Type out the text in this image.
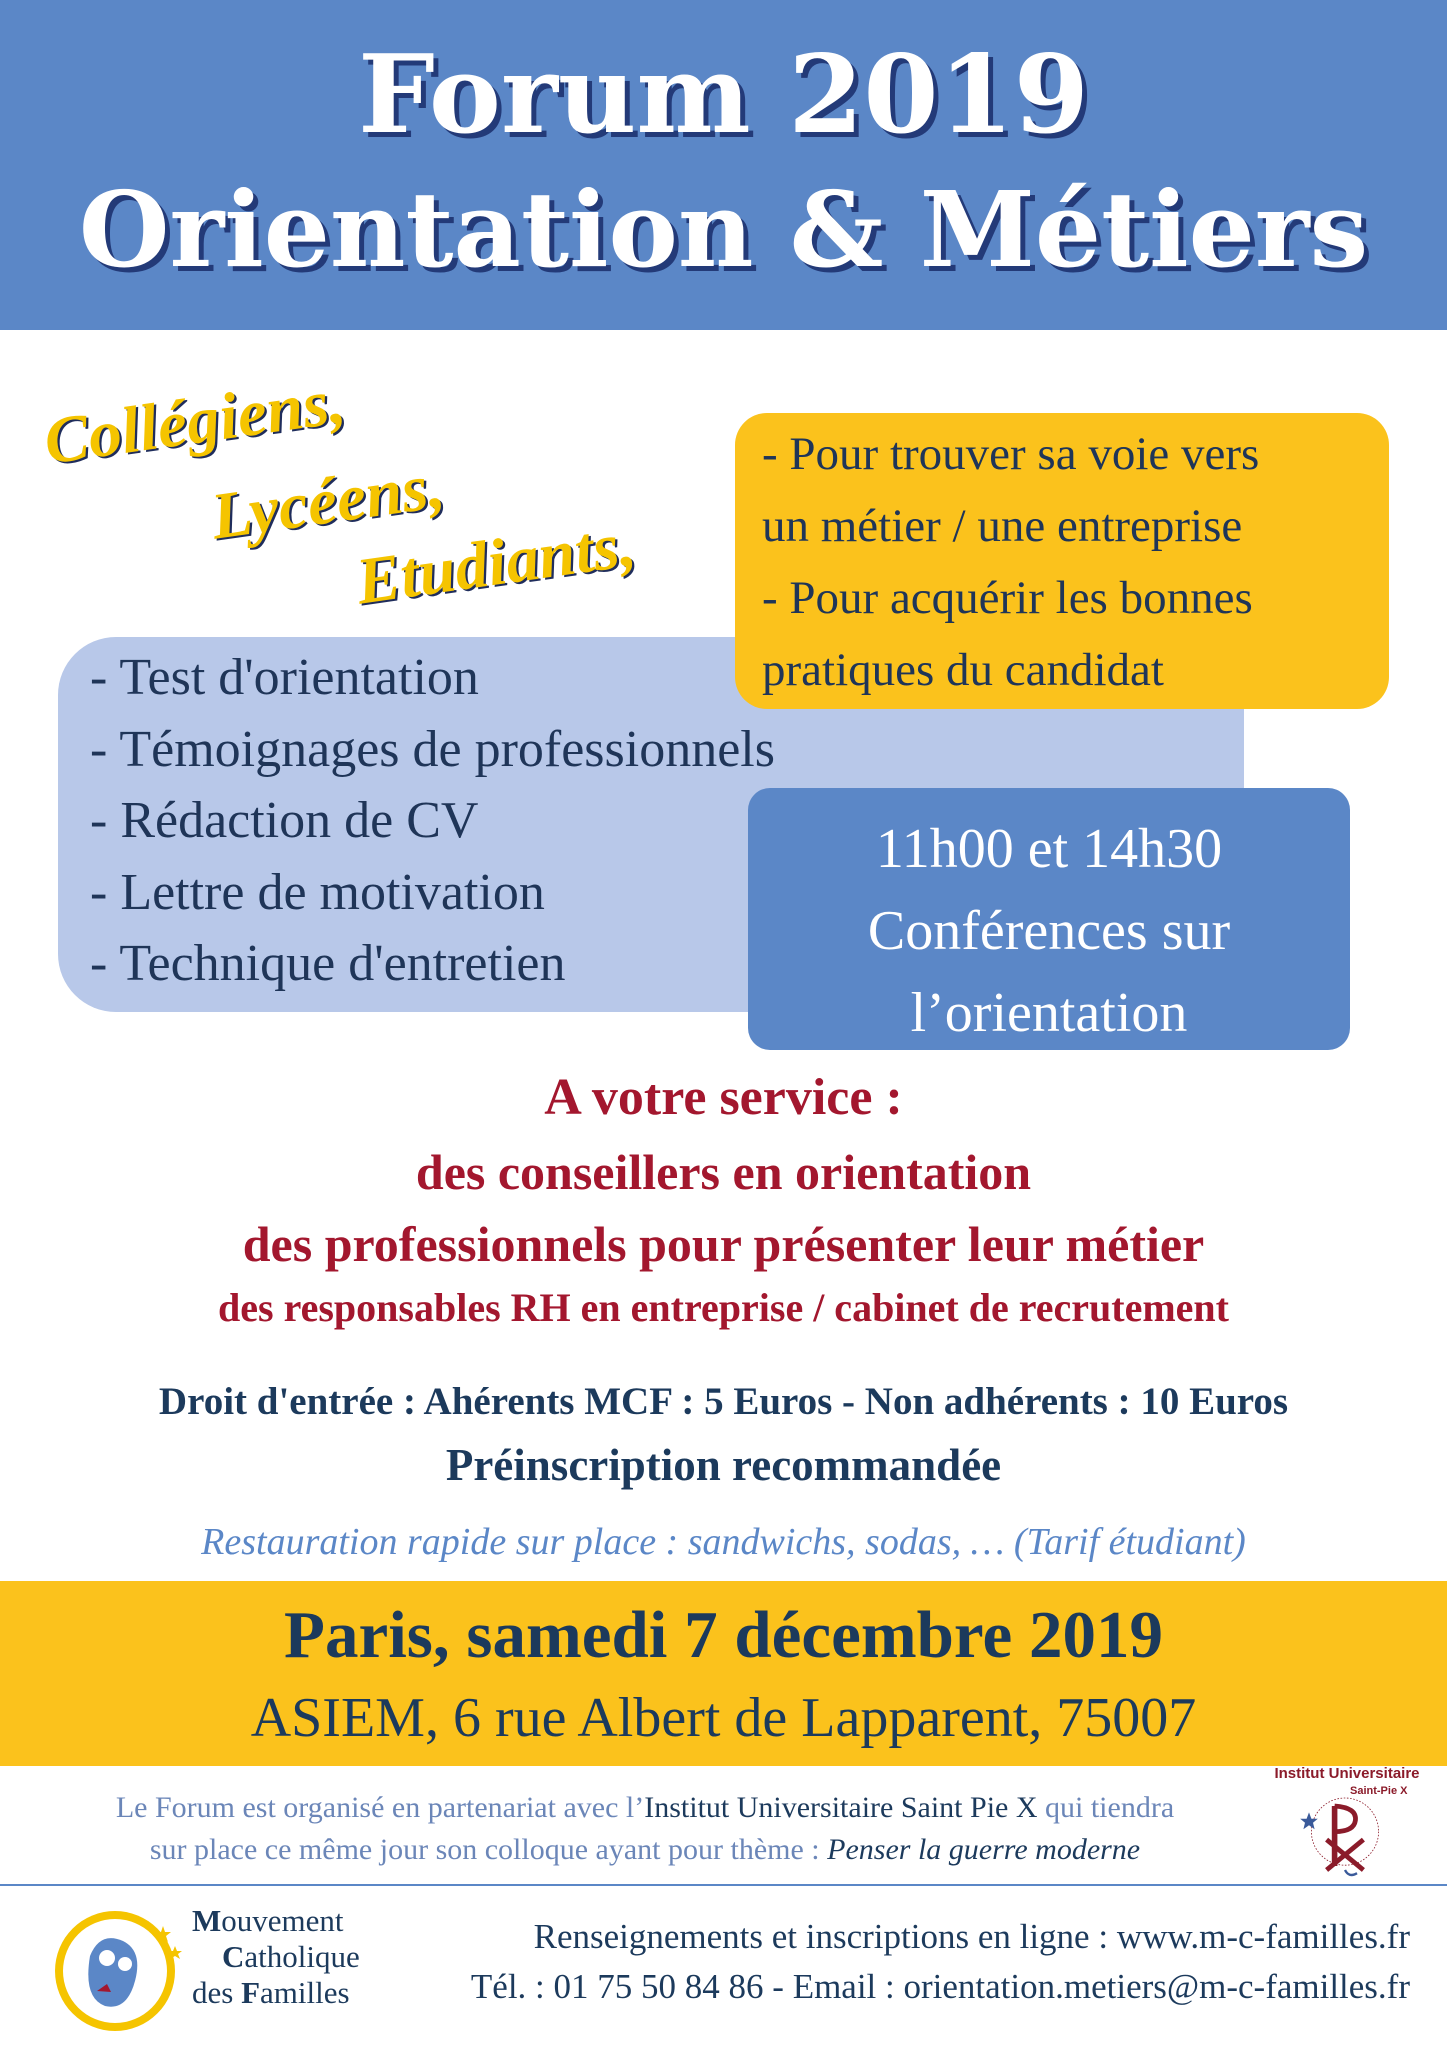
Forum 2019
Orientation & Métiers
Collégiens,
Lycéens,
Etudiants,
- Test d'orientation
- Témoignages de professionnels
- Rédaction de CV
- Lettre de motivation
- Technique d'entretien
- Pour trouver sa voie vers
un métier / une entreprise
- Pour acquérir les bonnes
pratiques du candidat
11h00 et 14h30
Conférences sur
l’orientation
A votre service :
des conseillers en orientation
des professionnels pour présenter leur métier
des responsables RH en entreprise / cabinet de recrutement
Droit d'entrée : Ahérents MCF : 5 Euros - Non adhérents : 10 Euros
Préinscription recommandée
Restauration rapide sur place : sandwichs, sodas, … (Tarif étudiant)
Paris, samedi 7 décembre 2019
ASIEM, 6 rue Albert de Lapparent, 75007
Le Forum est organisé en partenariat avec l’Institut Universitaire Saint Pie X qui tiendra
sur place ce même jour son colloque ayant pour thème : Penser la guerre moderne
Institut Universitaire
Saint-Pie X
Mouvement
Catholique
des Familles
Renseignements et inscriptions en ligne : www.m-c-familles.fr
Tél. : 01 75 50 84 86 - Email : orientation.metiers@m-c-familles.fr
